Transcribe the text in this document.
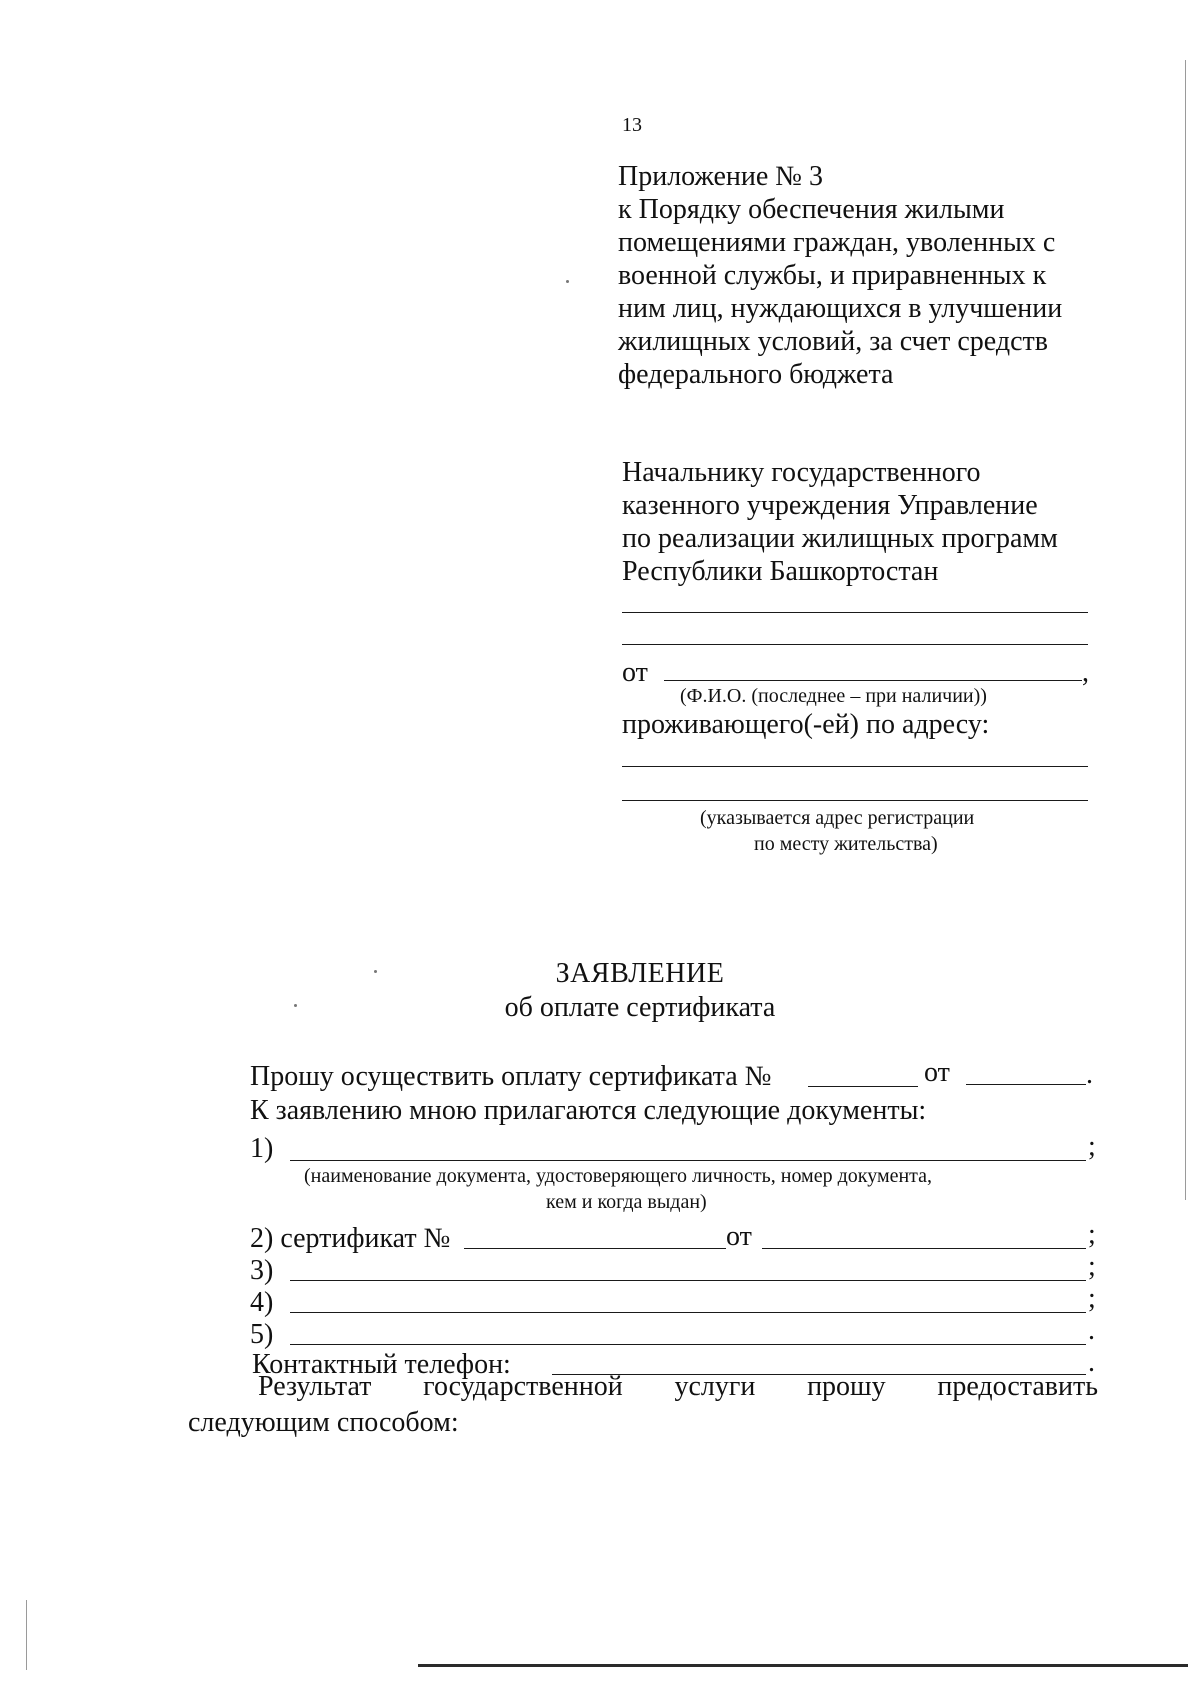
13
Приложение № 3
к Порядку обеспечения жилыми
помещениями граждан, уволенных с
военной службы, и приравненных к
ним лиц, нуждающихся в улучшении
жилищных условий, за счет средств
федерального бюджета
Начальнику государственного
казенного учреждения Управление
по реализации жилищных программ
Республики Башкортостан
от	,
(Ф.И.О. (последнее – при наличии))
проживающего(-ей) по адресу:
(указывается адрес регистрации
по месту жительства)
ЗАЯВЛЕНИЕ
об оплате сертификата
Прошу осуществить оплату сертификата №	от	.
К заявлению мною прилагаются следующие документы:
1)	;
(наименование документа, удостоверяющего личность, номер документа,
кем и когда выдан)
2) сертификат №	от	;
3)	;
4)	;
5)	.
Контактный телефон:	.
Результат государственной услуги прошу предоставить
следующим способом:
